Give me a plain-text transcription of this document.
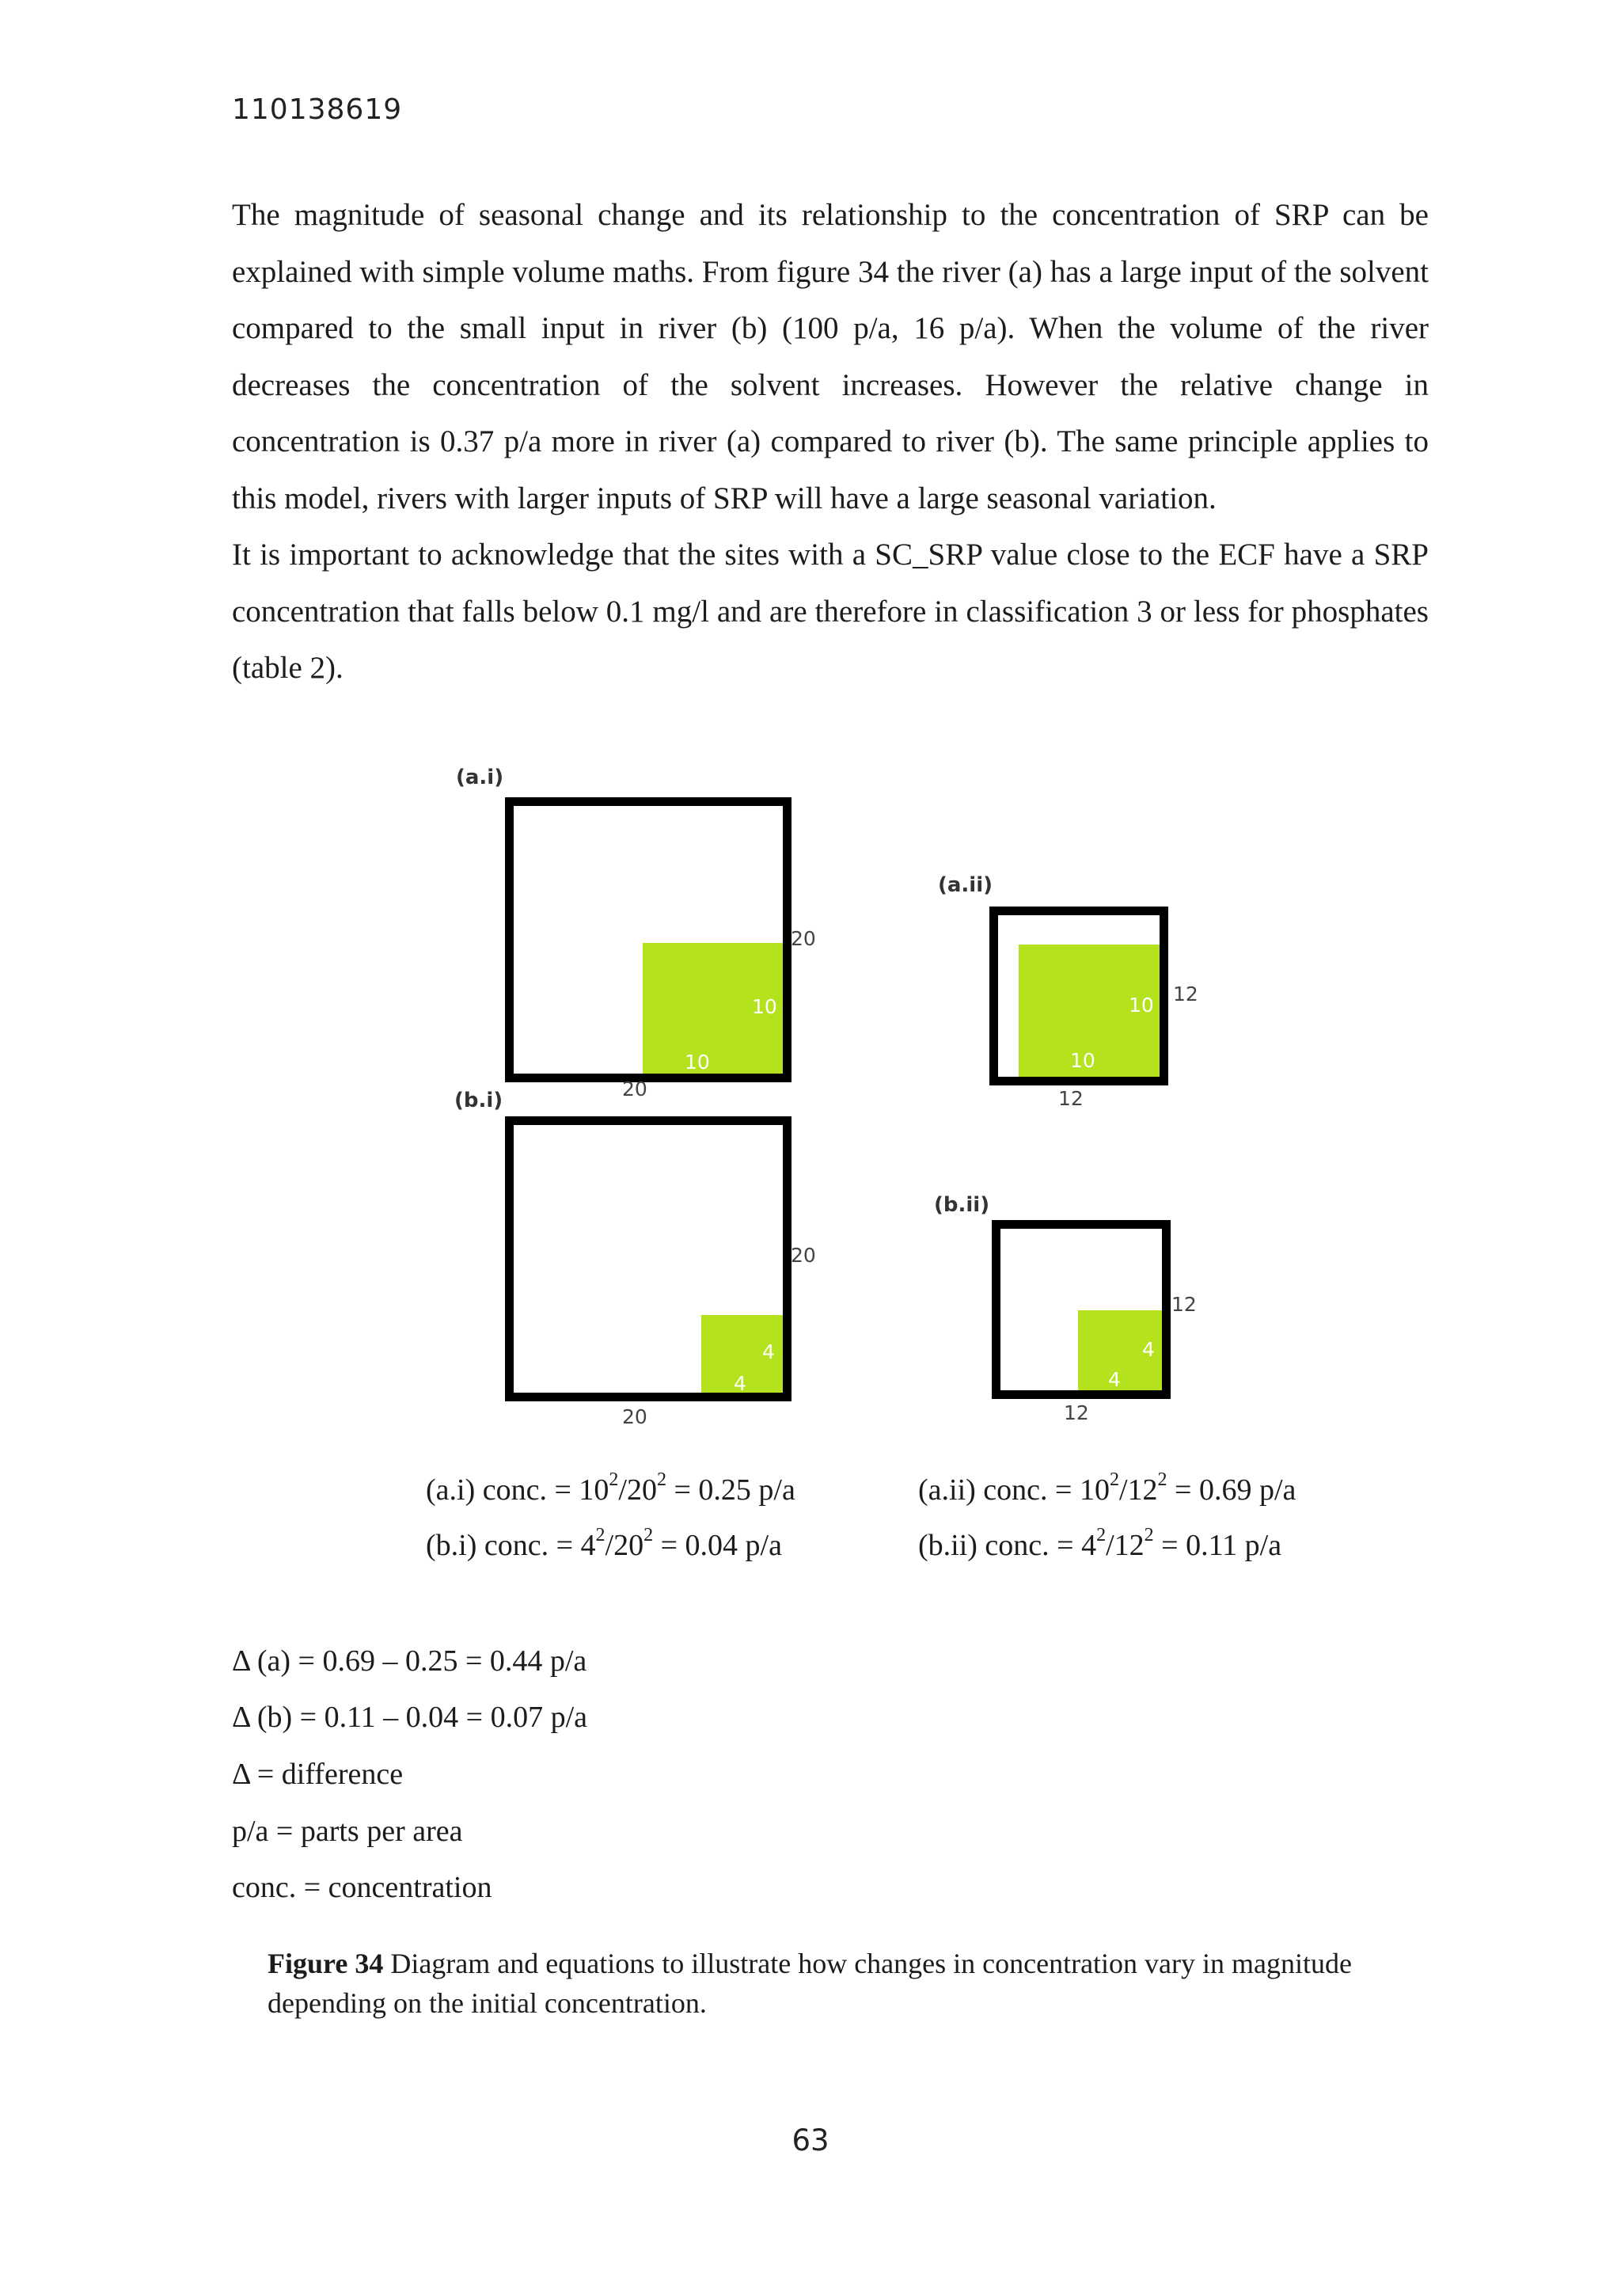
110138619

The magnitude of seasonal change and its relationship to the concentration of SRP can be explained with simple volume maths. From figure 34 the river (a) has a large input of the solvent compared to the small input in river (b) (100 p/a, 16 p/a). When the volume of the river decreases the concentration of the solvent increases. However the relative change in concentration is 0.37 p/a more in river (a) compared to river (b). The same principle applies to this model, rivers with larger inputs of SRP will have a large seasonal variation.

It is important to acknowledge that the sites with a SC_SRP value close to the ECF have a SRP concentration that falls below 0.1 mg/l and are therefore in classification 3 or less for phosphates (table 2).

(a.i)
20
20
10
10
(b.i)
20
20
4
4
(a.ii)
12
12
10
10
(b.ii)
12
12
4
4
(a.i) conc. = $10^2/20^2 = 0.25$ p/a	(a.ii) conc. = $10^2/12^2 = 0.69$ p/a
(b.i) conc. = $4^2/20^2 = 0.04$ p/a	(b.ii) conc. = $4^2/12^2 = 0.11$ p/a
Δ (a) = 0.69 – 0.25 = 0.44 p/a
Δ (b) = 0.11 – 0.04 = 0.07 p/a
Δ = difference
p/a = parts per area
conc. = concentration
Figure 34 Diagram and equations to illustrate how changes in concentration vary in magnitude depending on the initial concentration.
63
